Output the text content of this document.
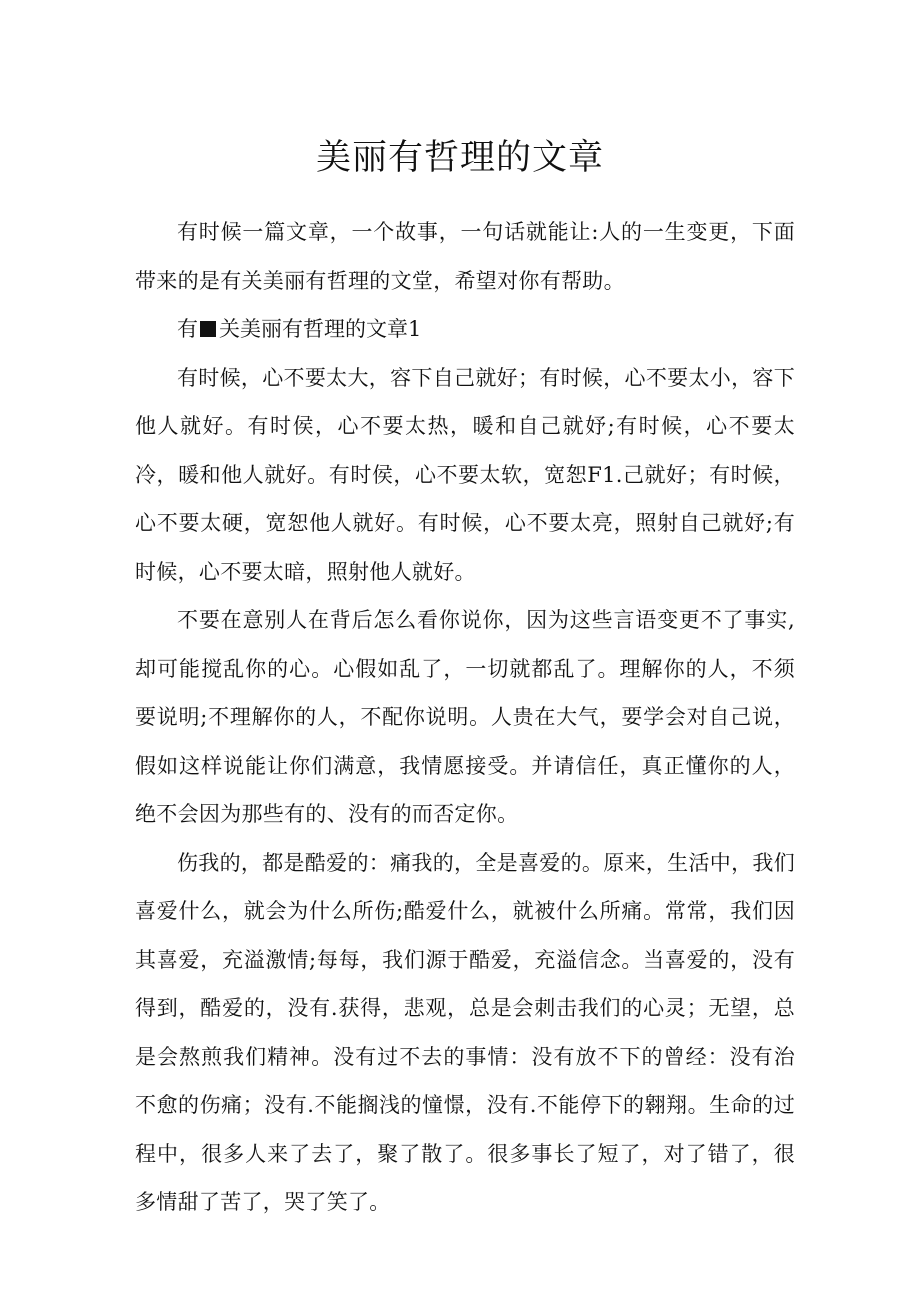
美丽有哲理的文章

有时候一篇文章，一个故事，一句话就能让:人的一生变更，下面带来的是有关美丽有哲理的文堂，希望对你有帮助。

有 关美丽有哲理的文章1

有时候，心不要太大，容下自己就好；有时候，心不要太小，容下他人就好。有时侯，心不要太热，暖和自己就妤;有时候，心不要太冷，暖和他人就好。有时侯，心不要太软，宽恕F1.己就好；有时候，心不要太硬，宽恕他人就好。有时候，心不要太亮，照射自己就妤;有时候，心不要太暗，照射他人就好。

不要在意别人在背后怎么看你说你，因为这些言语变更不了事实,却可能搅乱你的心。心假如乱了，一切就都乱了。理解你的人，不须要说明;不理解你的人，不配你说明。人贵在大气，要学会对自己说，假如这样说能让你们满意，我情愿接受。并请信任，真正懂你的人，绝不会因为那些有的、没有的而否定你。

伤我的，都是酷爱的：痛我的，全是喜爱的。原来，生活中，我们喜爱什么，就会为什么所伤;酷爱什么，就被什么所痛。常常，我们因其喜爱，充溢激情;每每，我们源于酷爱，充溢信念。当喜爱的，没有得到，酷爱的，没有.获得，悲观，总是会刺击我们的心灵；无望，总是会熬煎我们精神。没有过不去的事情：没有放不下的曾经：没有治不愈的伤痛；没有.不能搁浅的憧憬，没有.不能停下的翱翔。生命的过程中，很多人来了去了，聚了散了。很多事长了短了，对了错了，很多情甜了苦了，哭了笑了。
